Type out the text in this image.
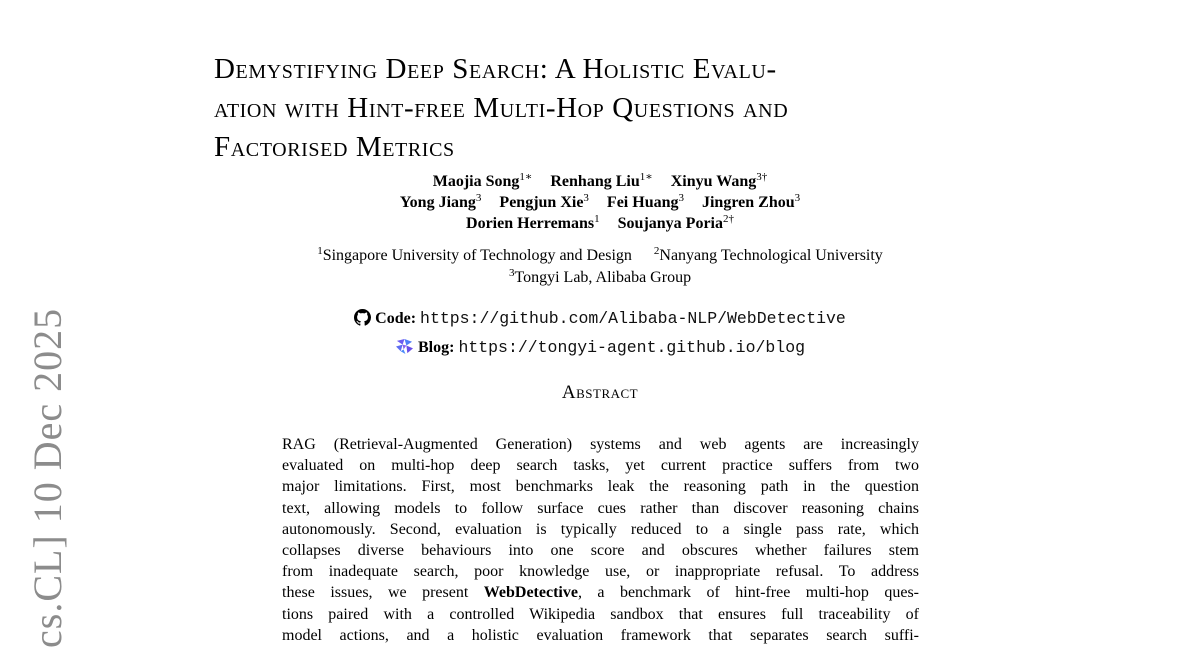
cs.CL] 10 Dec 2025
Demystifying Deep Search: A Holistic Evalu-
ation with Hint-free Multi-Hop Questions and
Factorised Metrics
Maojia Song$^{1∗}$ Renhang Liu$^{1∗}$ Xinyu Wang$^{3\dagger}$
Yong Jiang$^3$ Pengjun Xie$^3$ Fei Huang$^3$ Jingren Zhou$^3$
Dorien Herremans$^1$ Soujanya Poria$^{2\dagger}$
$^1$Singapore University of Technology and Design $^2$Nanyang Technological University
$^3$Tongyi Lab, Alibaba Group
Code: https://github.com/Alibaba-NLP/WebDetective
Blog: https://tongyi-agent.github.io/blog
Abstract
RAG (Retrieval-Augmented Generation) systems and web agents are increasingly
evaluated on multi-hop deep search tasks, yet current practice suffers from two
major limitations. First, most benchmarks leak the reasoning path in the question
text, allowing models to follow surface cues rather than discover reasoning chains
autonomously. Second, evaluation is typically reduced to a single pass rate, which
collapses diverse behaviours into one score and obscures whether failures stem
from inadequate search, poor knowledge use, or inappropriate refusal. To address
these issues, we present WebDetective, a benchmark of hint-free multi-hop ques-
tions paired with a controlled Wikipedia sandbox that ensures full traceability of
model actions, and a holistic evaluation framework that separates search suffi-
